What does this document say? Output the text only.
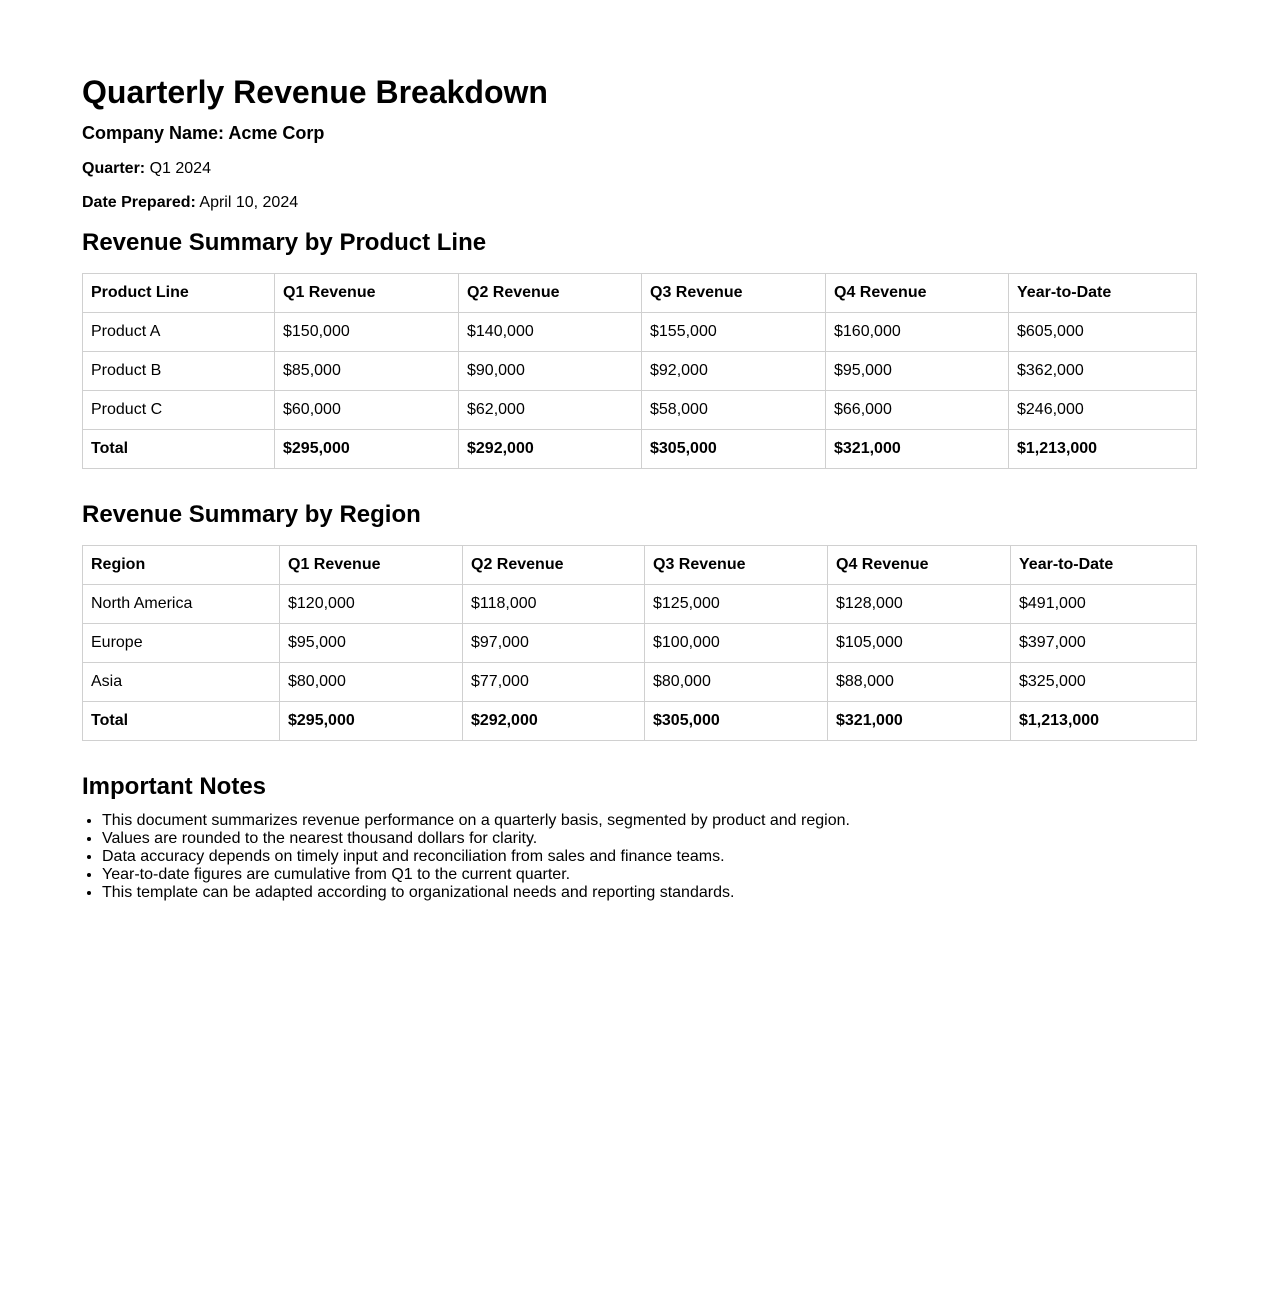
Quarterly Revenue Breakdown

Company Name: Acme Corp

Quarter: Q1 2024

Date Prepared: April 10, 2024

Revenue Summary by Product Line
Product Line	Q1 Revenue	Q2 Revenue	Q3 Revenue	Q4 Revenue	Year-to-Date
Product A	$150,000	$140,000	$155,000	$160,000	$605,000
Product B	$85,000	$90,000	$92,000	$95,000	$362,000
Product C	$60,000	$62,000	$58,000	$66,000	$246,000
Total	$295,000	$292,000	$305,000	$321,000	$1,213,000
Revenue Summary by Region
Region	Q1 Revenue	Q2 Revenue	Q3 Revenue	Q4 Revenue	Year-to-Date
North America	$120,000	$118,000	$125,000	$128,000	$491,000
Europe	$95,000	$97,000	$100,000	$105,000	$397,000
Asia	$80,000	$77,000	$80,000	$88,000	$325,000
Total	$295,000	$292,000	$305,000	$321,000	$1,213,000
Important Notes
• This document summarizes revenue performance on a quarterly basis, segmented by product and region.
• Values are rounded to the nearest thousand dollars for clarity.
• Data accuracy depends on timely input and reconciliation from sales and finance teams.
• Year-to-date figures are cumulative from Q1 to the current quarter.
• This template can be adapted according to organizational needs and reporting standards.
